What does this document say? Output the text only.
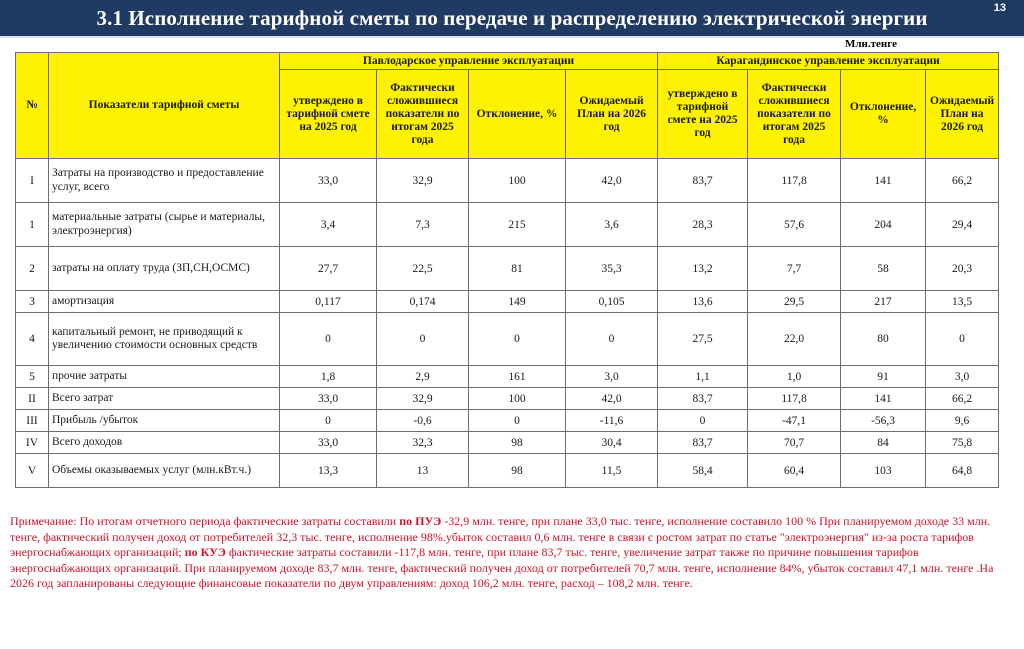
3.1 Исполнение тарифной сметы по передаче и распределению электрической энергии	13
Млн.тенге
№	Показатели тарифной сметы	Павлодарское управление эксплуатации				Карагандинское управление эксплуатации			
		утверждено в тарифной смете на 2025 год	Фактически сложившиеся показатели по итогам 2025 года	Отклонение, %	Ожидаемый План на 2026 год	утверждено в тарифной смете на 2025 год	Фактически сложившиеся показатели по итогам 2025 года	Отклонение, %	Ожидаемый План на 2026 год
I	Затраты на производство и предоставление услуг, всего	33,0	32,9	100	42,0	83,7	117,8	141	66,2
1	материальные затраты (сырье и материалы, электроэнергия)	3,4	7,3	215	3,6	28,3	57,6	204	29,4
2	затраты на оплату труда (ЗП,СН,ОСМС)	27,7	22,5	81	35,3	13,2	7,7	58	20,3
3	амортизация	0,117	0,174	149	0,105	13,6	29,5	217	13,5
4	капитальный ремонт, не приводящий к увеличению стоимости основных средств	0	0	0	0	27,5	22,0	80	0
5	прочие затраты	1,8	2,9	161	3,0	1,1	1,0	91	3,0
II	Всего затрат	33,0	32,9	100	42,0	83,7	117,8	141	66,2
III	Прибыль /убыток	0	-0,6	0	-11,6	0	-47,1	-56,3	9,6
IV	Всего доходов	33,0	32,3	98	30,4	83,7	70,7	84	75,8
V	Объемы оказываемых услуг (млн.кВт.ч.)	13,3	13	98	11,5	58,4	60,4	103	64,8
Примечание: По итогам отчетного периода фактические затраты составили по ПУЭ -32,9 млн. тенге, при плане 33,0 тыс. тенге, исполнение составило 100 % При планируемом доходе 33 млн. тенге, фактический получен доход от потребителей 32,3 тыс. тенге, исполнение 98%.убыток составил 0,6 млн. тенге в связи с ростом затрат по статье "электроэнергия" из-за роста тарифов энергоснабжающих организаций; по КУЭ фактические затраты составили -117,8 млн. тенге, при плане 83,7 тыс. тенге, увеличение затрат также по причине повышения тарифов энергоснабжающих организаций. При планируемом доходе 83,7 млн. тенге, фактический получен доход от потребителей 70,7 млн. тенге, исполнение 84%, убыток составил 47,1 млн. тенге .На 2026 год запланированы следующие финансовые показатели по двум управлениям: доход 106,2 млн. тенге, расход – 108,2 млн. тенге.
